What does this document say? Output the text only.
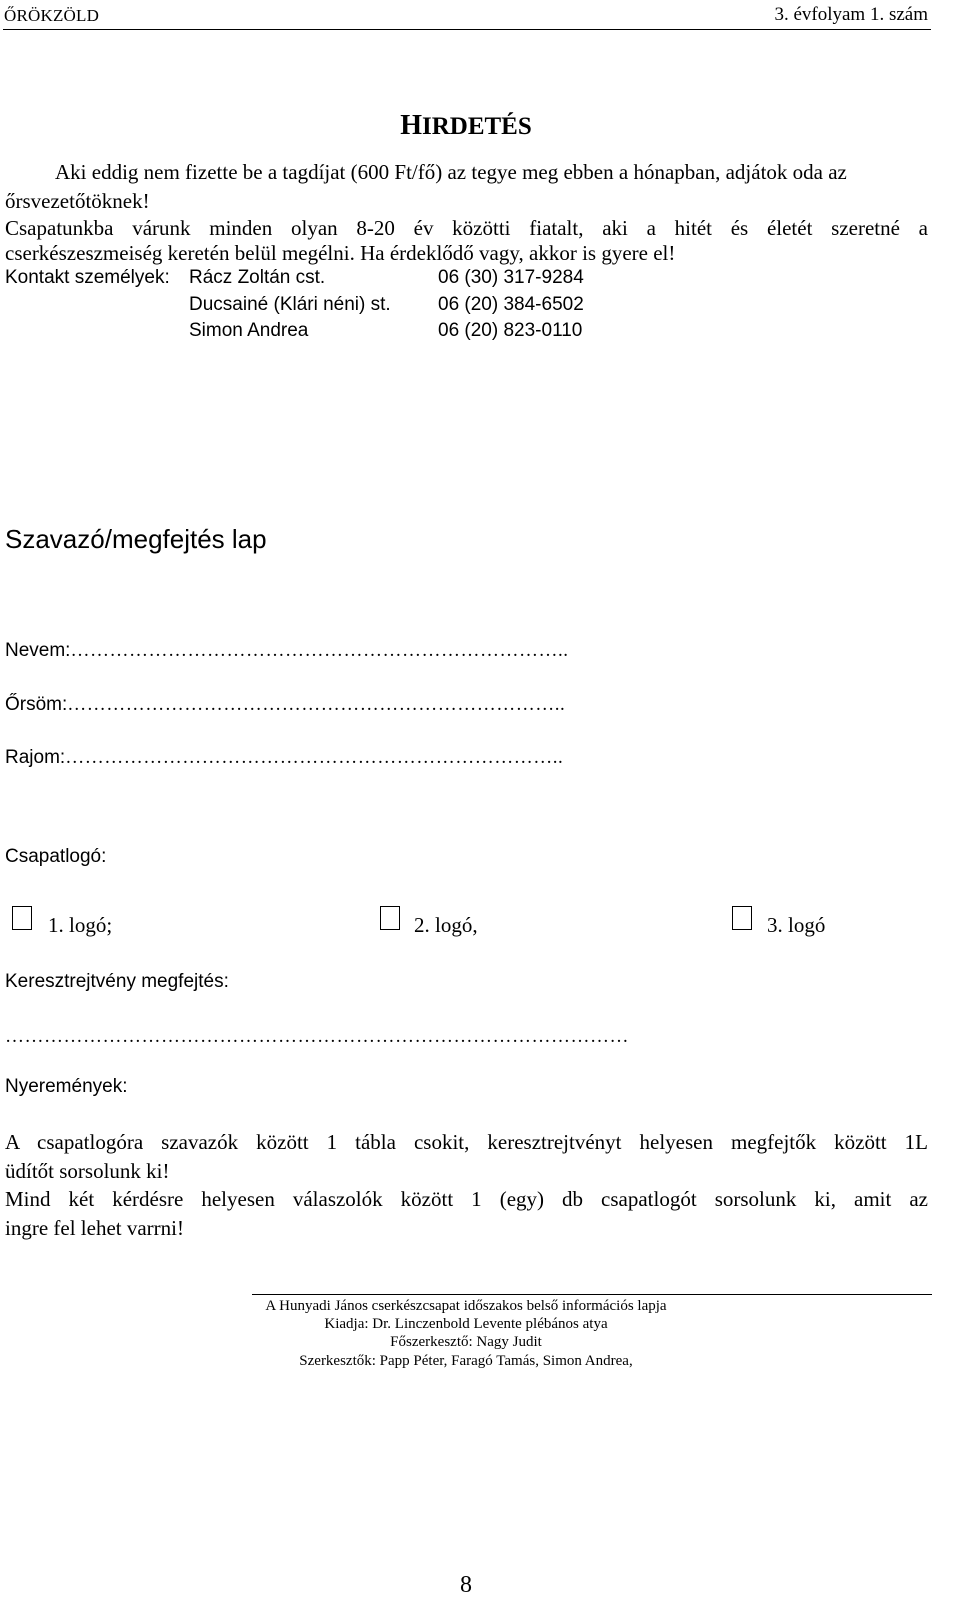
ŐRÖKZÖLD	3. évfolyam 1. szám
HIRDETÉS
Aki eddig nem fizette be a tagdíjat (600 Ft/fő) az tegye meg ebben a hónapban, adjátok oda az
őrsvezetőtöknek!
Csapatunkba várunk minden olyan 8-20 év közötti fiatalt, aki a hitét és életét szeretné a
cserkészeszmeiség keretén belül megélni. Ha érdeklődő vagy, akkor is gyere el!
Kontakt személyek: Rácz Zoltán cst.	06 (30) 317-9284
Ducsainé (Klári néni) st. 06 (20) 384-6502
Simon Andrea	06 (20) 823-0110
Szavazó/megfejtés lap
Nevem:…………………………………………………………………..
Őrsöm:…………………………………………………………………..
Rajom:…………………………………………………………………..
Csapatlogó:
1. logó;	2. logó,	3. logó
Keresztrejtvény megfejtés:
……………………………………………………………………………………
Nyeremények:
A csapatlogóra szavazók között 1 tábla csokit, keresztrejtvényt helyesen megfejtők között 1L
üdítőt sorsolunk ki!
Mind két kérdésre helyesen válaszolók között 1 (egy) db csapatlogót sorsolunk ki, amit az
ingre fel lehet varrni!
A Hunyadi János cserkészcsapat időszakos belső információs lapja
Kiadja: Dr. Linczenbold Levente plébános atya
Főszerkesztő: Nagy Judit
Szerkesztők: Papp Péter, Faragó Tamás, Simon Andrea,
8
